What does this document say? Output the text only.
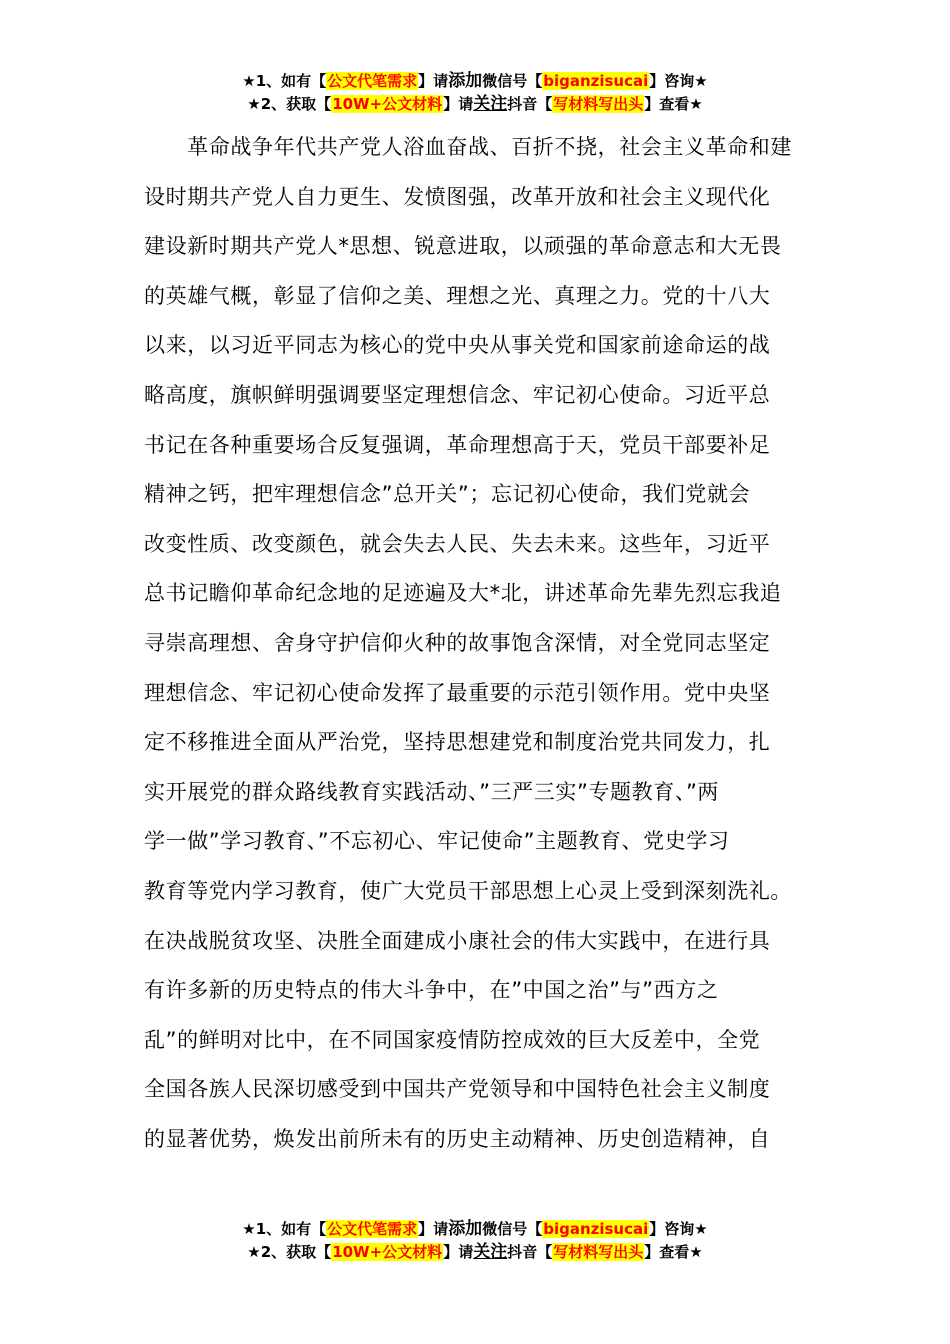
★1、如有【公文代笔需求】请添加微信号【biganzisucai】咨询★
★2、获取【10W+公文材料】请关注抖音【写材料写出头】查看★
　　革命战争年代共产党人浴血奋战、百折不挠，社会主义革命和建
设时期共产党人自力更生、发愤图强，改革开放和社会主义现代化
建设新时期共产党人*思想、锐意进取，以顽强的革命意志和大无畏
的英雄气概，彰显了信仰之美、理想之光、真理之力。党的十八大
以来，以习近平同志为核心的党中央从事关党和国家前途命运的战
略高度，旗帜鲜明强调要坚定理想信念、牢记初心使命。习近平总
书记在各种重要场合反复强调，革命理想高于天，党员干部要补足
精神之钙，把牢理想信念”总开关”；忘记初心使命，我们党就会
改变性质、改变颜色，就会失去人民、失去未来。这些年，习近平
总书记瞻仰革命纪念地的足迹遍及大*北，讲述革命先辈先烈忘我追
寻崇高理想、舍身守护信仰火种的故事饱含深情，对全党同志坚定
理想信念、牢记初心使命发挥了最重要的示范引领作用。党中央坚
定不移推进全面从严治党，坚持思想建党和制度治党共同发力，扎
实开展党的群众路线教育实践活动、”三严三实”专题教育、”两
学一做”学习教育、”不忘初心、牢记使命”主题教育、党史学习
教育等党内学习教育，使广大党员干部思想上心灵上受到深刻洗礼。
在决战脱贫攻坚、决胜全面建成小康社会的伟大实践中，在进行具
有许多新的历史特点的伟大斗争中，在”中国之治”与”西方之
乱”的鲜明对比中，在不同国家疫情防控成效的巨大反差中，全党
全国各族人民深切感受到中国共产党领导和中国特色社会主义制度
的显著优势，焕发出前所未有的历史主动精神、历史创造精神，自
★1、如有【公文代笔需求】请添加微信号【biganzisucai】咨询★
★2、获取【10W+公文材料】请关注抖音【写材料写出头】查看★
